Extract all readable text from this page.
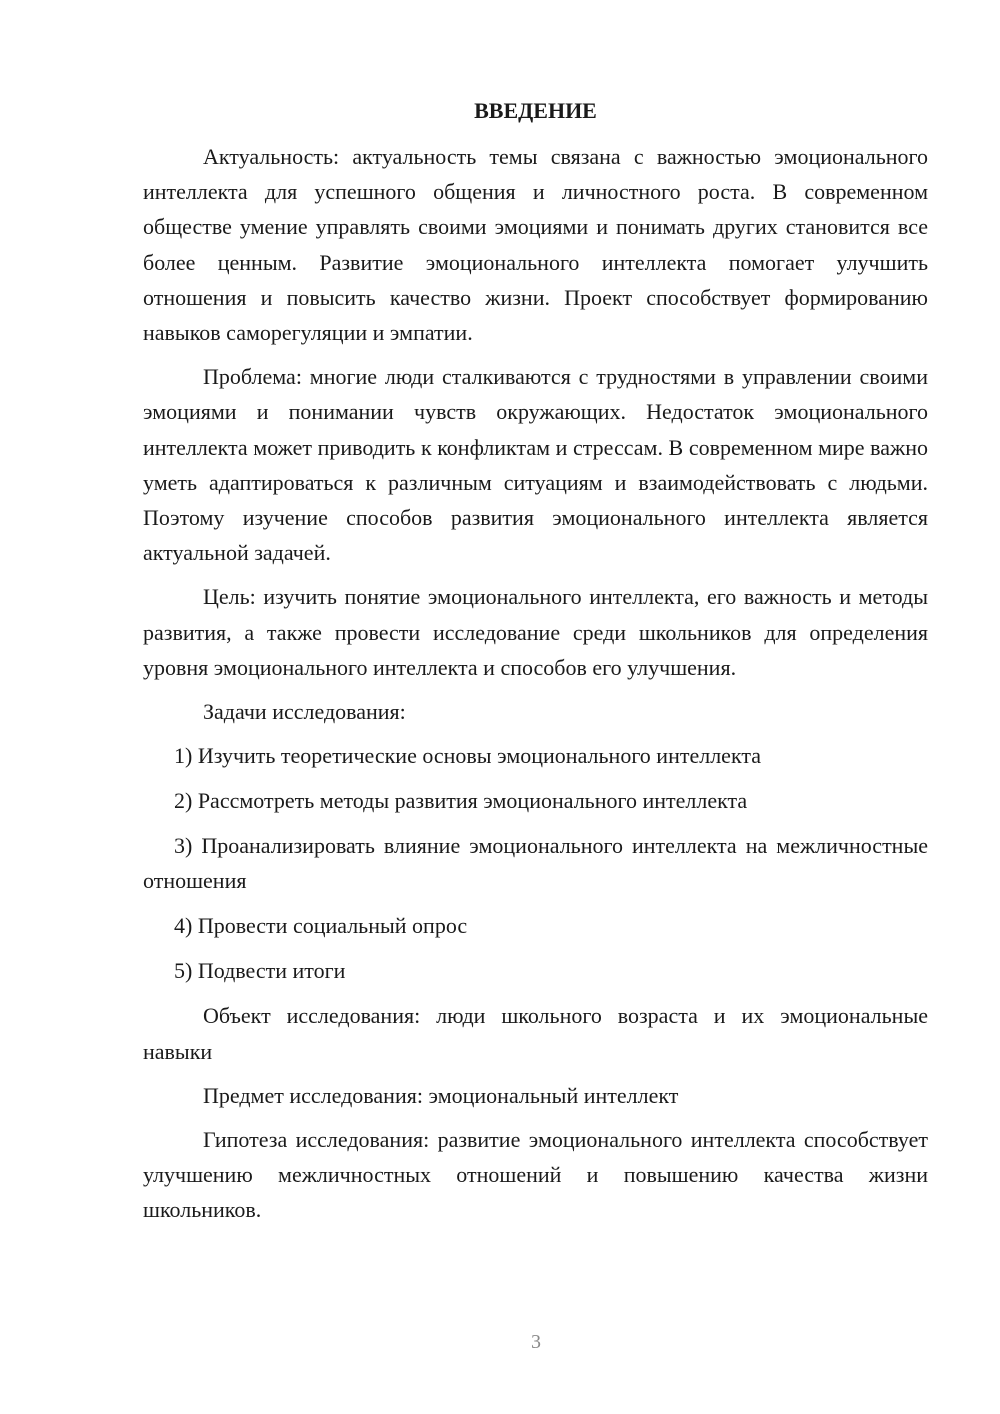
ВВЕДЕНИЕ

Актуальность: актуальность темы связана с важностью эмоционального интеллекта для успешного общения и личностного роста. В современном обществе умение управлять своими эмоциями и понимать других становится все более ценным. Развитие эмоционального интеллекта помогает улучшить отношения и повысить качество жизни. Проект способствует формированию навыков саморегуляции и эмпатии.

Проблема: многие люди сталкиваются с трудностями в управлении своими эмоциями и понимании чувств окружающих. Недостаток эмоционального интеллекта может приводить к конфликтам и стрессам. В современном мире важно уметь адаптироваться к различным ситуациям и взаимодействовать с людьми. Поэтому изучение способов развития эмоционального интеллекта является актуальной задачей.

Цель: изучить понятие эмоционального интеллекта, его важность и методы развития, а также провести исследование среди школьников для определения уровня эмоционального интеллекта и способов его улучшения.

Задачи исследования:

1) Изучить теоретические основы эмоционального интеллекта

2) Рассмотреть методы развития эмоционального интеллекта

3) Проанализировать влияние эмоционального интеллекта на межличностные отношения

4) Провести социальный опрос

5) Подвести итоги

Объект исследования: люди школьного возраста и их эмоциональные навыки

Предмет исследования: эмоциональный интеллект

Гипотеза исследования: развитие эмоционального интеллекта способствует улучшению межличностных отношений и повышению качества жизни школьников.

3
